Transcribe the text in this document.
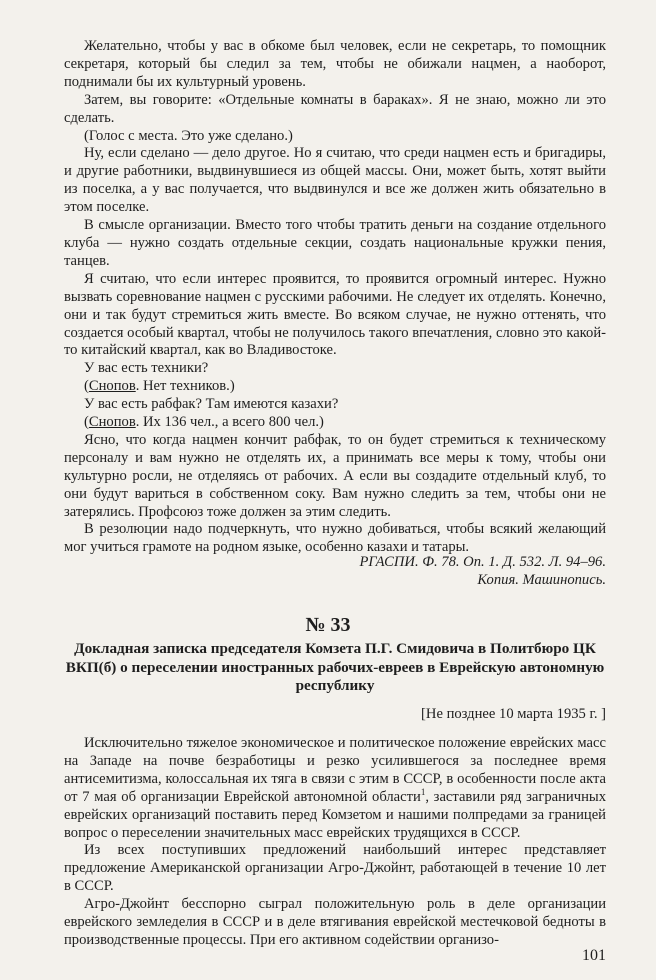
Желательно, чтобы у вас в обкоме был человек, если не секретарь, то помощник секретаря, который бы следил за тем, чтобы не обижали нацмен, а наоборот, поднимали бы их культурный уровень.

Затем, вы говорите: «Отдельные комнаты в бараках». Я не знаю, можно ли это сделать.

(Голос с места. Это уже сделано.)

Ну, если сделано — дело другое. Но я считаю, что среди нацмен есть и бригадиры, и другие работники, выдвинувшиеся из общей массы. Они, может быть, хотят выйти из поселка, а у вас получается, что выдвинулся и все же должен жить обязательно в этом поселке.

В смысле организации. Вместо того чтобы тратить деньги на создание отдельного клуба — нужно создать отдельные секции, создать национальные кружки пения, танцев.

Я считаю, что если интерес проявится, то проявится огромный интерес. Нужно вызвать соревнование нацмен с русскими рабочими. Не следует их отделять. Конечно, они и так будут стремиться жить вместе. Во всяком случае, не нужно оттенять, что создается особый квартал, чтобы не получилось такого впечатления, словно это какой-то китайский квартал, как во Владивостоке.

У вас есть техники?

(Снопов. Нет техников.)

У вас есть рабфак? Там имеются казахи?

(Снопов. Их 136 чел., а всего 800 чел.)

Ясно, что когда нацмен кончит рабфак, то он будет стремиться к техническому персоналу и вам нужно не отделять их, а принимать все меры к тому, чтобы они культурно росли, не отделяясь от рабочих. А если вы создадите отдельный клуб, то они будут вариться в собственном соку. Вам нужно следить за тем, чтобы они не затерялись. Профсоюз тоже должен за этим следить.

В резолюции надо подчеркнуть, что нужно добиваться, чтобы всякий желающий мог учиться грамоте на родном языке, особенно казахи и татары.

РГАСПИ. Ф. 78. Оп. 1. Д. 532. Л. 94–96.
Копия. Машинопись.
№ 33
Докладная записка председателя Комзета П.Г. Смидовича в Политбюро ЦК ВКП(б) о переселении иностранных рабочих-евреев в Еврейскую автономную республику
[Не позднее 10 марта 1935 г. ]

Исключительно тяжелое экономическое и политическое положение еврейских масс на Западе на почве безработицы и резко усилившегося за последнее время антисемитизма, колоссальная их тяга в связи с этим в СССР, в особенности после акта от 7 мая об организации Еврейской автономной области$^1$, заставили ряд заграничных еврейских организаций поставить перед Комзетом и нашими полпредами за границей вопрос о переселении значительных масс еврейских трудящихся в СССР.

Из всех поступивших предложений наибольший интерес представляет предложение Американской организации Агро-Джойнт, работающей в течение 10 лет в СССР.

Агро-Джойнт бесспорно сыграл положительную роль в деле организации еврейского земледелия в СССР и в деле втягивания еврейской местечковой бедноты в производственные процессы. При его активном содействии организо-

101
